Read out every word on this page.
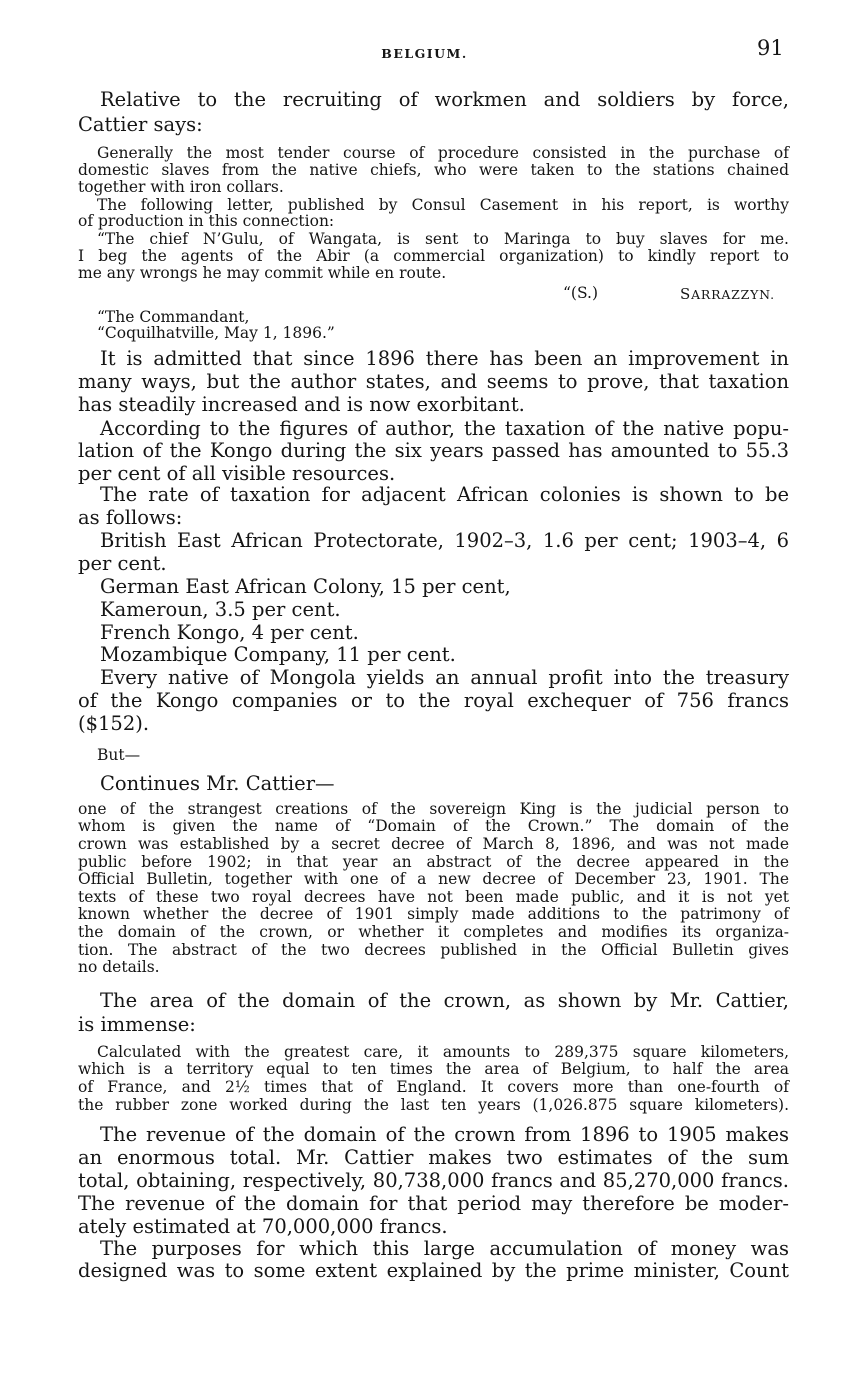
BELGIUM.	91
Relative to the recruiting of workmen and soldiers by force,
Cattier says:
Generally the most tender course of procedure consisted in the purchase of
domestic slaves from the native chiefs, who were taken to the stations chained
together with iron collars.
The following letter, published by Consul Casement in his report, is worthy
of production in this connection:
“The chief N’Gulu, of Wangata, is sent to Maringa to buy slaves for me.
I beg the agents of the Abir (a commercial organization) to kindly report to
me any wrongs he may commit while en route.
“(S.)	SARRAZZYN.
“The Commandant,
“Coquilhatville, May 1, 1896.”
It is admitted that since 1896 there has been an improvement in
many ways, but the author states, and seems to prove, that taxation
has steadily increased and is now exorbitant.
According to the figures of author, the taxation of the native popu-
lation of the Kongo during the six years passed has amounted to 55.3
per cent of all visible resources.
The rate of taxation for adjacent African colonies is shown to be
as follows:
British East African Protectorate, 1902–3, 1.6 per cent; 1903–4, 6
per cent.
German East African Colony, 15 per cent,
Kameroun, 3.5 per cent.
French Kongo, 4 per cent.
Mozambique Company, 11 per cent.
Every native of Mongola yields an annual profit into the treasury
of the Kongo companies or to the royal exchequer of 756 francs
($152).
But—
Continues Mr. Cattier—
one of the strangest creations of the sovereign King is the judicial person to
whom is given the name of “Domain of the Crown.” The domain of the
crown was established by a secret decree of March 8, 1896, and was not made
public before 1902; in that year an abstract of the decree appeared in the
Official Bulletin, together with one of a new decree of December 23, 1901. The
texts of these two royal decrees have not been made public, and it is not yet
known whether the decree of 1901 simply made additions to the patrimony of
the domain of the crown, or whether it completes and modifies its organiza-
tion. The abstract of the two decrees published in the Official Bulletin gives
no details.
The area of the domain of the crown, as shown by Mr. Cattier,
is immense:
Calculated with the greatest care, it amounts to 289,375 square kilometers,
which is a territory equal to ten times the area of Belgium, to half the area
of France, and 2½ times that of England. It covers more than one-fourth of
the rubber zone worked during the last ten years (1,026.875 square kilometers).
The revenue of the domain of the crown from 1896 to 1905 makes
an enormous total. Mr. Cattier makes two estimates of the sum
total, obtaining, respectively, 80,738,000 francs and 85,270,000 francs.
The revenue of the domain for that period may therefore be moder-
ately estimated at 70,000,000 francs.
The purposes for which this large accumulation of money was
designed was to some extent explained by the prime minister, Count
